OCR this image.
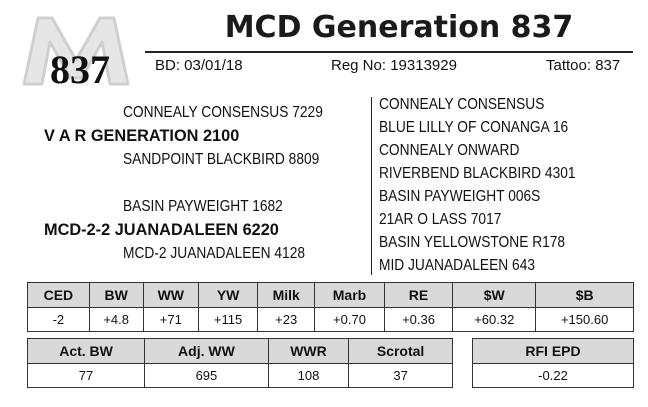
837
MCD Generation 837
BD: 03/01/18	Reg No: 19313929	Tattoo: 837
CONNEALY CONSENSUS 7229
V A R GENERATION 2100
SANDPOINT BLACKBIRD 8809
BASIN PAYWEIGHT 1682
MCD-2-2 JUANADALEEN 6220
MCD-2 JUANADALEEN 4128
CONNEALY CONSENSUS
BLUE LILLY OF CONANGA 16
CONNEALY ONWARD
RIVERBEND BLACKBIRD 4301
BASIN PAYWEIGHT 006S
21AR O LASS 7017
BASIN YELLOWSTONE R178
MID JUANADALEEN 643
CED	BW	WW	YW	Milk	Marb	RE	$W	$B
-2	+4.8	+71	+115	+23	+0.70	+0.36	+60.32	+150.60
Act. BW	Adj. WW	WWR	Scrotal
77	695	108	37
RFI EPD
-0.22
